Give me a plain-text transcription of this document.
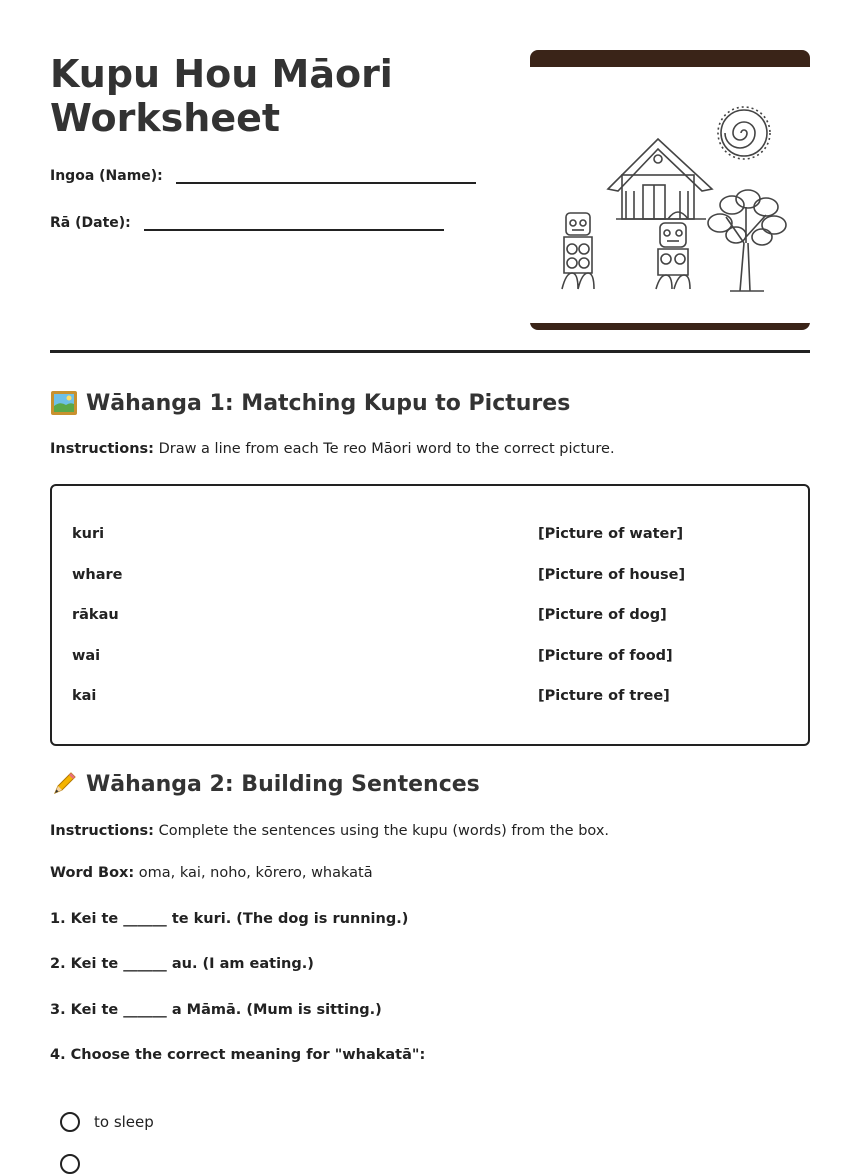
Kupu Hou Māori
Worksheet
Ingoa (Name):
Rā (Date):
Wāhanga 1: Matching Kupu to Pictures
Instructions: Draw a line from each Te reo Māori word to the correct picture.
kuri	[Picture of water]
whare	[Picture of house]
rākau	[Picture of dog]
wai	[Picture of food]
kai	[Picture of tree]
Wāhanga 2: Building Sentences
Instructions: Complete the sentences using the kupu (words) from the box.
Word Box: oma, kai, noho, kōrero, whakatā
1. Kei te ______ te kuri. (The dog is running.)
2. Kei te ______ au. (I am eating.)
3. Kei te ______ a Māmā. (Mum is sitting.)
4. Choose the correct meaning for "whakatā":
to sleep
